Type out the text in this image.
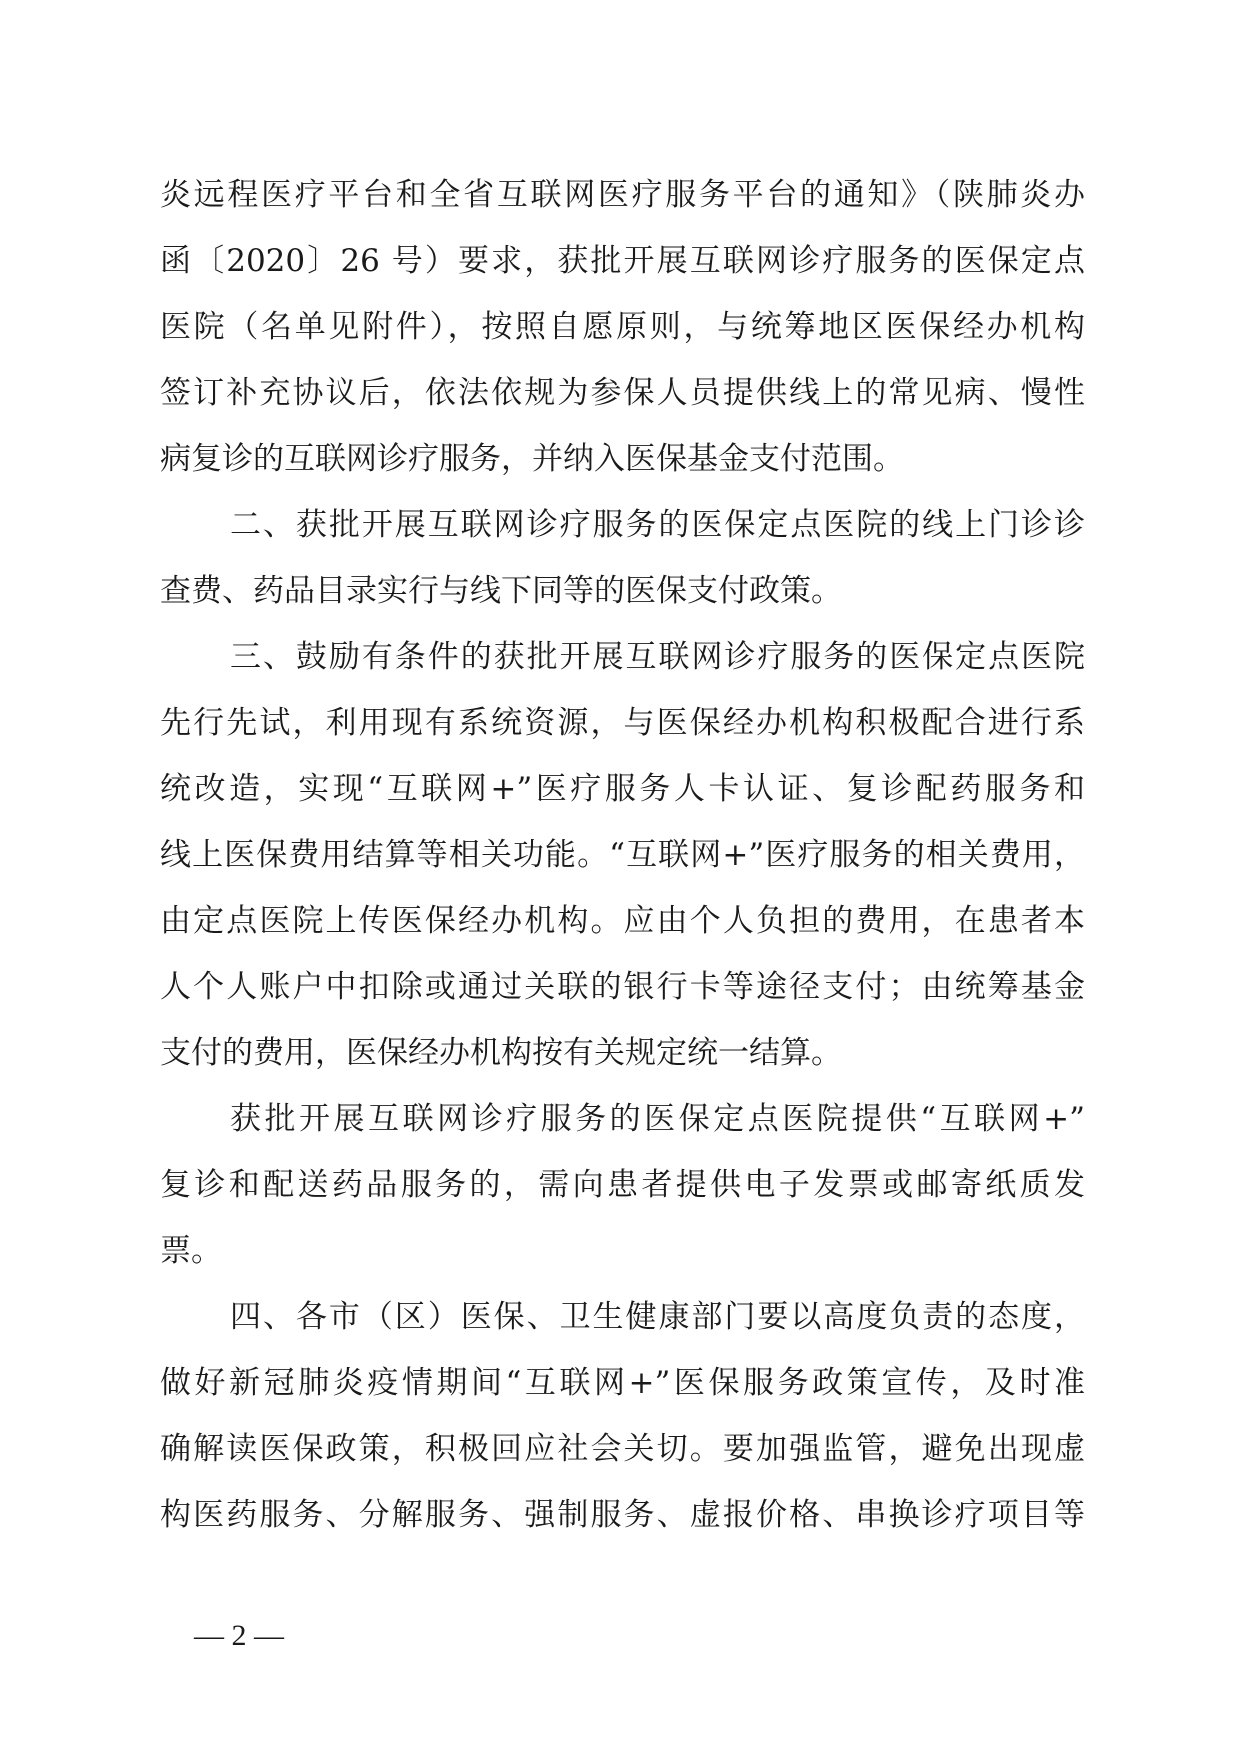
炎远程医疗平台和全省互联网医疗服务平台的通知》（陕肺炎办
函〔2020〕26 号）要求，获批开展互联网诊疗服务的医保定点
医院（名单见附件），按照自愿原则，与统筹地区医保经办机构
签订补充协议后，依法依规为参保人员提供线上的常见病、慢性
病复诊的互联网诊疗服务，并纳入医保基金支付范围。
二、获批开展互联网诊疗服务的医保定点医院的线上门诊诊
查费、药品目录实行与线下同等的医保支付政策。
三、鼓励有条件的获批开展互联网诊疗服务的医保定点医院
先行先试，利用现有系统资源，与医保经办机构积极配合进行系
统改造，实现“互联网+”医疗服务人卡认证、复诊配药服务和
线上医保费用结算等相关功能。“互联网+”医疗服务的相关费用，
由定点医院上传医保经办机构。应由个人负担的费用，在患者本
人个人账户中扣除或通过关联的银行卡等途径支付；由统筹基金
支付的费用，医保经办机构按有关规定统一结算。
获批开展互联网诊疗服务的医保定点医院提供“互联网+”
复诊和配送药品服务的，需向患者提供电子发票或邮寄纸质发
票。
四、各市（区）医保、卫生健康部门要以高度负责的态度，
做好新冠肺炎疫情期间“互联网+”医保服务政策宣传，及时准
确解读医保政策，积极回应社会关切。要加强监管，避免出现虚
构医药服务、分解服务、强制服务、虚报价格、串换诊疗项目等
— 2 —
